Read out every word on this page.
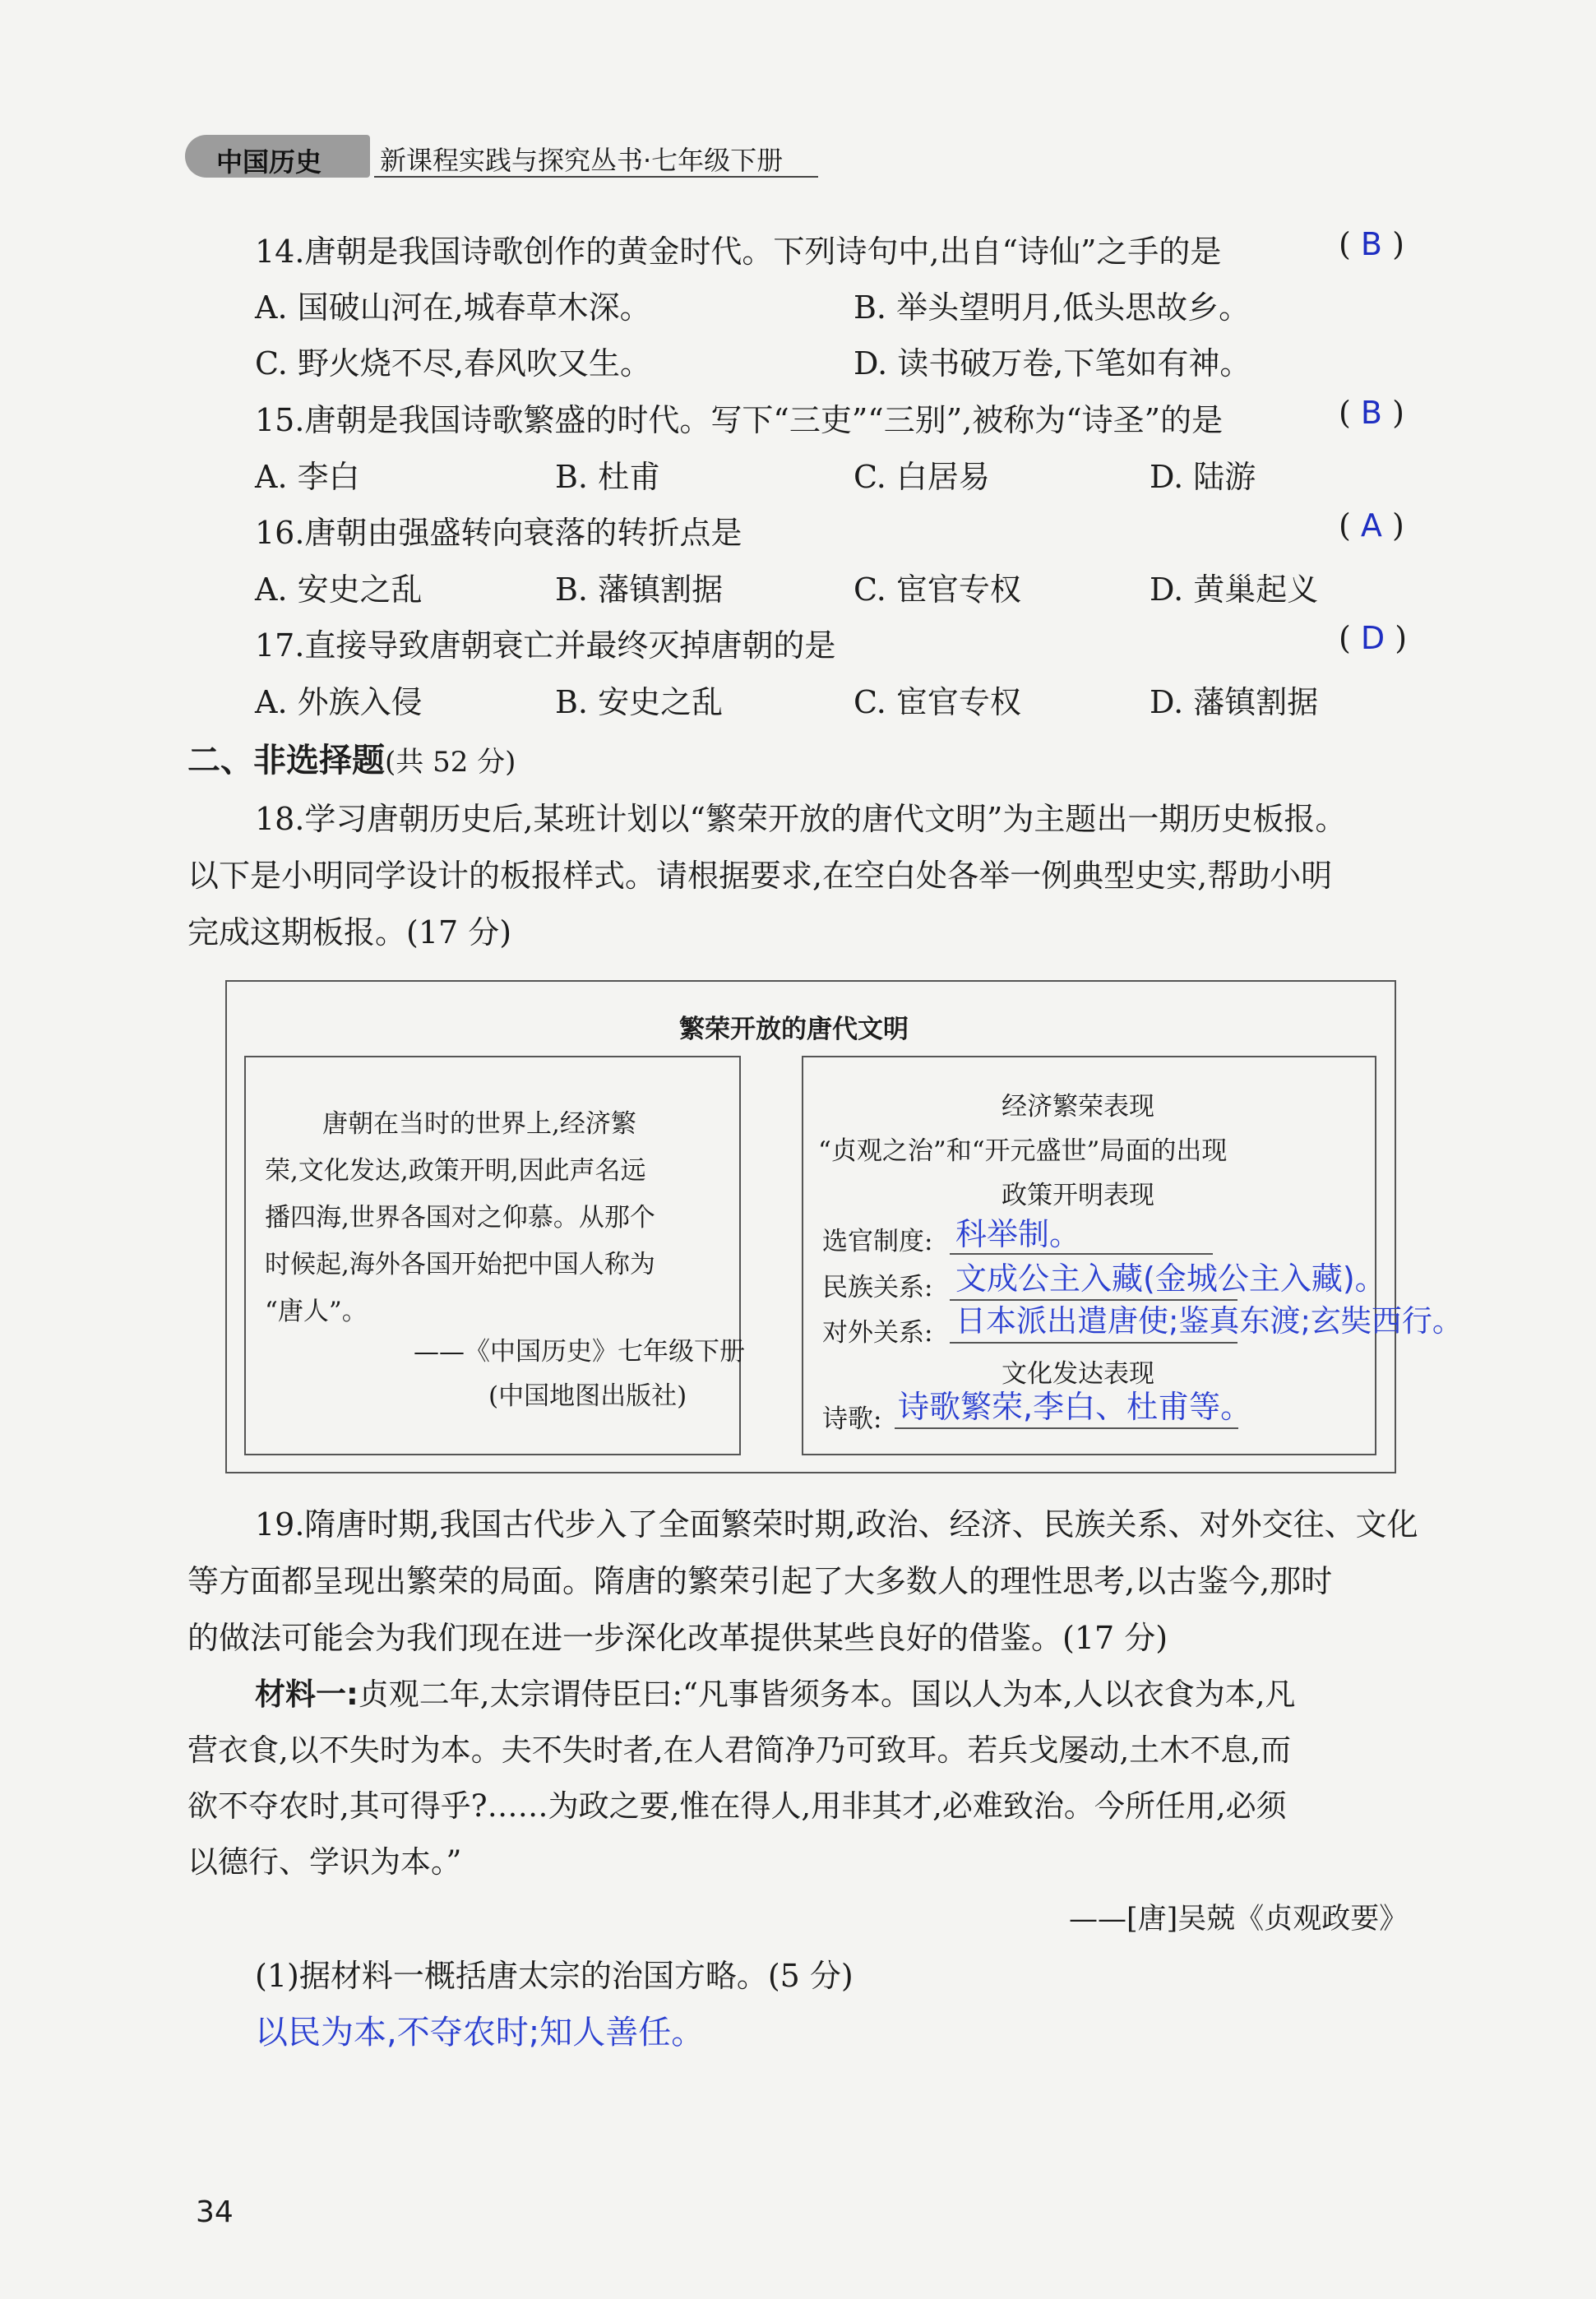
中国历史 新课程实践与探究丛书·七年级下册
14.唐朝是我国诗歌创作的黄金时代。下列诗句中,出自“诗仙”之手的是	( B )
A. 国破山河在,城春草木深。	B. 举头望明月,低头思故乡。
C. 野火烧不尽,春风吹又生。	D. 读书破万卷,下笔如有神。
15.唐朝是我国诗歌繁盛的时代。写下“三吏”“三别”,被称为“诗圣”的是	( B )
A. 李白	B. 杜甫	C. 白居易	D. 陆游
16.唐朝由强盛转向衰落的转折点是	( A )
A. 安史之乱	B. 藩镇割据	C. 宦官专权	D. 黄巢起义
17.直接导致唐朝衰亡并最终灭掉唐朝的是	( D )
A. 外族入侵	B. 安史之乱	C. 宦官专权	D. 藩镇割据
二、非选择题(共 52 分)
18.学习唐朝历史后,某班计划以“繁荣开放的唐代文明”为主题出一期历史板报。
以下是小明同学设计的板报样式。请根据要求,在空白处各举一例典型史实,帮助小明
完成这期板报。(17 分)
繁荣开放的唐代文明
唐朝在当时的世界上,经济繁
荣,文化发达,政策开明,因此声名远
播四海,世界各国对之仰慕。从那个
时候起,海外各国开始把中国人称为
“唐人”。
——《中国历史》七年级下册
(中国地图出版社)
经济繁荣表现
“贞观之治”和“开元盛世”局面的出现
政策开明表现
选官制度: 科举制。
民族关系: 文成公主入藏(金城公主入藏)。
对外关系: 日本派出遣唐使;鉴真东渡;玄奘西行。
文化发达表现
诗歌: 诗歌繁荣,李白、杜甫等。
19.隋唐时期,我国古代步入了全面繁荣时期,政治、经济、民族关系、对外交往、文化
等方面都呈现出繁荣的局面。隋唐的繁荣引起了大多数人的理性思考,以古鉴今,那时
的做法可能会为我们现在进一步深化改革提供某些良好的借鉴。(17 分)
材料一:贞观二年,太宗谓侍臣曰:“凡事皆须务本。国以人为本,人以衣食为本,凡
营衣食,以不失时为本。夫不失时者,在人君简净乃可致耳。若兵戈屡动,土木不息,而
欲不夺农时,其可得乎?……为政之要,惟在得人,用非其才,必难致治。今所任用,必须
以德行、学识为本。”
——[唐]吴兢《贞观政要》
(1)据材料一概括唐太宗的治国方略。(5 分)
以民为本,不夺农时;知人善任。
34
